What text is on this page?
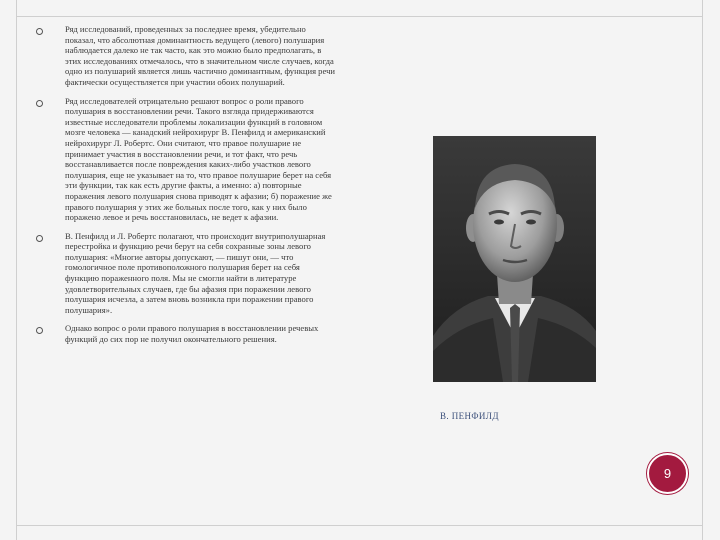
Ряд исследований, проведенных за последнее время, убедительно показал, что абсолютная доминантность ведущего (левого) полушария наблюдается далеко не так часто, как это можно было предполагать, в этих исследованиях отмечалось, что в значительном числе случаев, когда одно из полушарий является лишь частично доминантным, функция речи фактически осуществляется при участии обоих полушарий.
Ряд исследователей отрицательно решают вопрос о роли правого полушария в восстановлении речи. Такого взгляда придерживаются известные исследователи проблемы локализации функций в головном мозге человека — канадский нейрохирург В. Пенфилд и американский нейрохирург Л. Робертс. Они считают, что правое полушарие не принимает участия в восстановлении речи, и тот факт, что речь восстанавливается после повреждения каких-либо участков левого полушария, еще не указывает на то, что правое полушарие берет на себя эти функции, так как есть другие факты, а именно: а) повторные поражения левого полушария снова приводят к афазии; б) поражение же правого полушария у этих же больных после того, как у них было поражено левое и речь восстановилась, не ведет к афазии.
В. Пенфилд и Л. Робертс полагают, что происходит внутриполушарная перестройка и функцию речи берут на себя сохранные зоны левого полушария: «Многие авторы допускают, — пишут они, — что гомологичное поле противоположного полушария берет на себя функцию пораженного поля. Мы не смогли найти в литературе удовлетворительных случаев, где бы афазия при поражении левого полушария исчезла, а затем вновь возникла при поражении правого полушария».
Однако вопрос о роли правого полушария в восстановлении речевых функций до сих пор не получил окончательного решения.
В. ПЕНФИЛД
9
